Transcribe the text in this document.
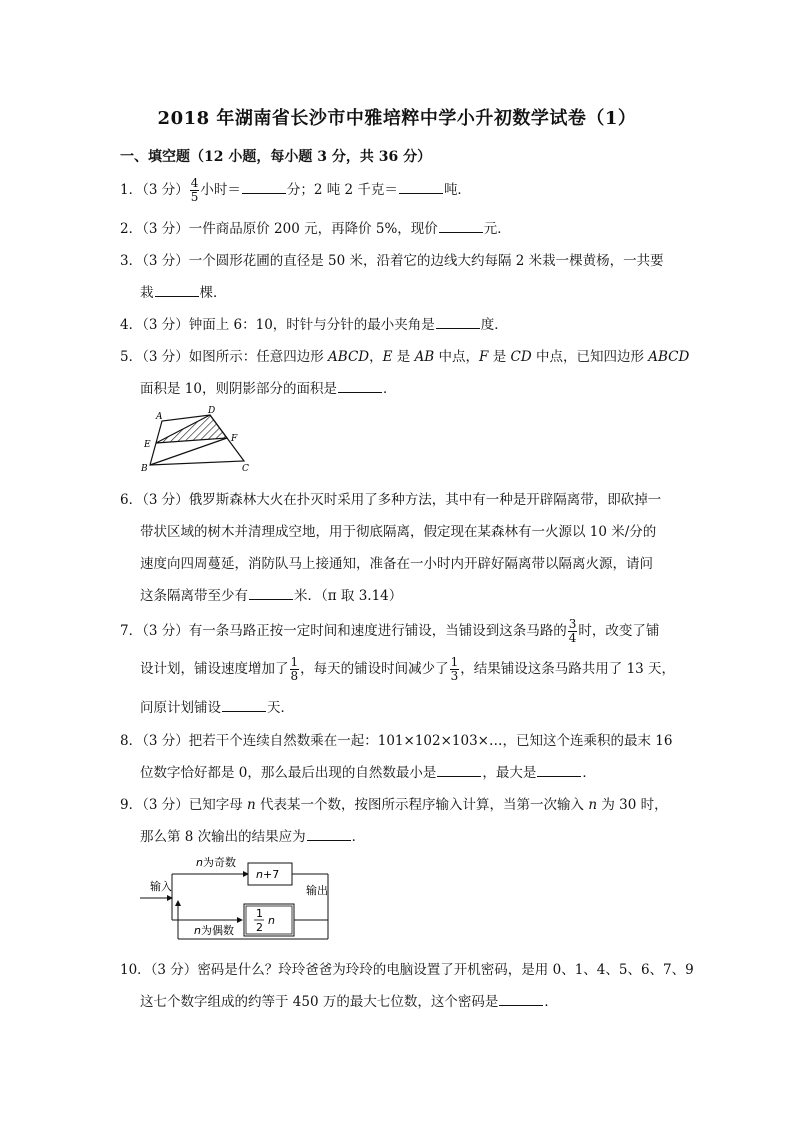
2018 年湖南省长沙市中雅培粹中学小升初数学试卷（1）
一、填空题（12 小题，每小题 3 分，共 36 分）
1．（3 分） $\frac{4}{5}$ 小时＝	分；2 吨 2 千克＝	吨．
2．（3 分）一件商品原价 200 元，再降价 5%，现价	元．
3．（3 分）一个圆形花圃的直径是 50 米，沿着它的边线大约每隔 2 米栽一棵黄杨，一共要
栽	棵．
4．（3 分）钟面上 6：10，时针与分针的最小夹角是	度．
5．（3 分）如图所示：任意四边形 ABCD，E 是 AB 中点，F 是 CD 中点，已知四边形 ABCD
面积是 10，则阴影部分的面积是	．
A
D
E
F
B	C
6．（3 分）俄罗斯森林大火在扑灭时采用了多种方法，其中有一种是开辟隔离带，即砍掉一
带状区域的树木并清理成空地，用于彻底隔离，假定现在某森林有一火源以 10 米/分的
速度向四周蔓延，消防队马上接通知，准备在一小时内开辟好隔离带以隔离火源，请问
这条隔离带至少有	米．（π 取 3.14）
7．（3 分）有一条马路正按一定时间和速度进行铺设，当铺设到这条马路的 $\frac{3}{4}$ 时，改变了铺
设计划，铺设速度增加了 $\frac{1}{8}$ ，每天的铺设时间减少了 $\frac{1}{3}$ ，结果铺设这条马路共用了 13 天，
问原计划铺设	天．
8．（3 分）把若干个连续自然数乘在一起：101×102×103×…，已知这个连乘积的最末 16
位数字恰好都是 0，那么最后出现的自然数最小是	，最大是	．
9．（3 分）已知字母 n 代表某一个数，按图所示程序输入计算，当第一次输入 n 为 30 时，
那么第 8 次输出的结果应为	．
输入
n为奇数
n+7
1
2
n
输出
n为偶数
10．（3 分）密码是什么？玲玲爸爸为玲玲的电脑设置了开机密码，是用 0、1、4、5、6、7、9
这七个数字组成的约等于 450 万的最大七位数，这个密码是	．
